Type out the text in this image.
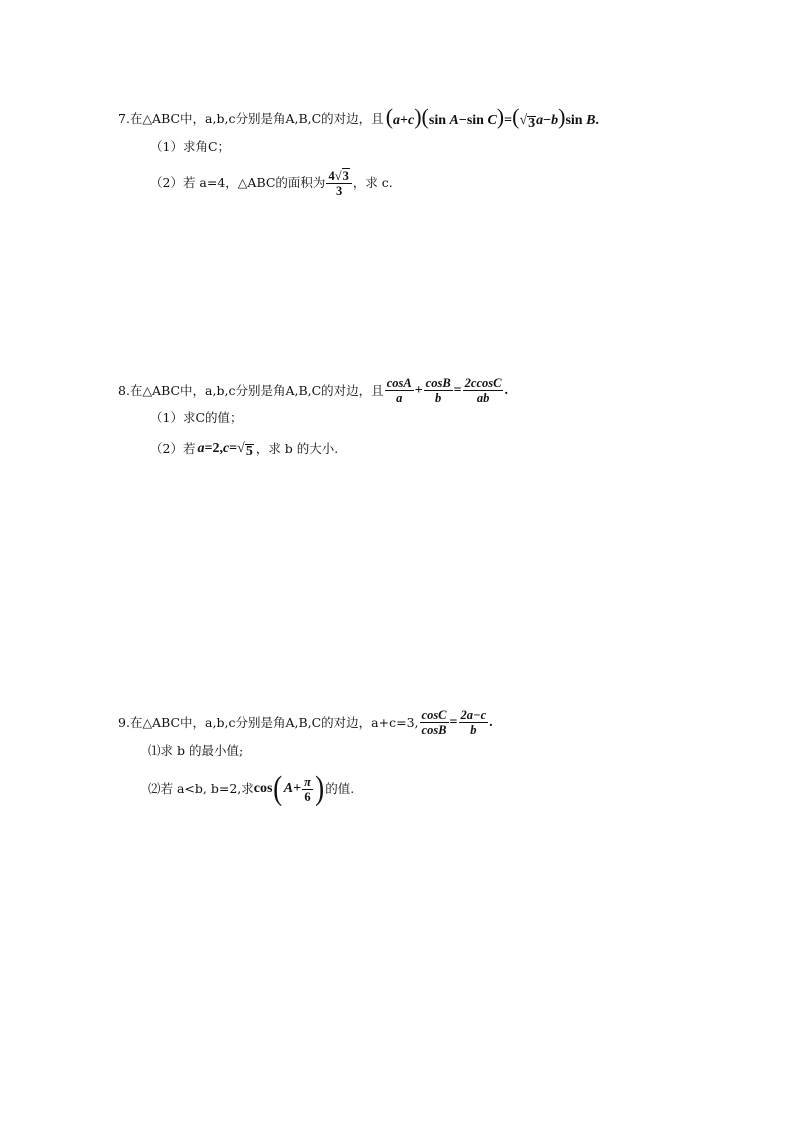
7. 在△ABC中，a,b,c分别是角A,B,C的对边，且 (a+c)(sin A−sin C)=( √ 3 a−b)sin B.
（1）求角C；
（2）若 a=4，△ABC的面积为 $\frac{4 √ 3}{3}$ ，求 c.
8. 在△ABC中，a,b,c分别是角A,B,C的对边，且 $\frac{\cos A}{a} + \frac{\cos B}{b} = \frac{2ccosC}{ab}$ .
（1）求C的值；
（2）若 a=2,c= √ 5 ，求 b 的大小.
9. 在△ABC中，a,b,c分别是角A,B,C的对边，a+c=3, $\frac{\cos C}{\cos B} = \frac{2a-c}{b}$ .
⑴求 b 的最小值;
⑵若 a<b, b=2,求 cos ( $A + \frac{\pi}{6}$ ) 的值.
